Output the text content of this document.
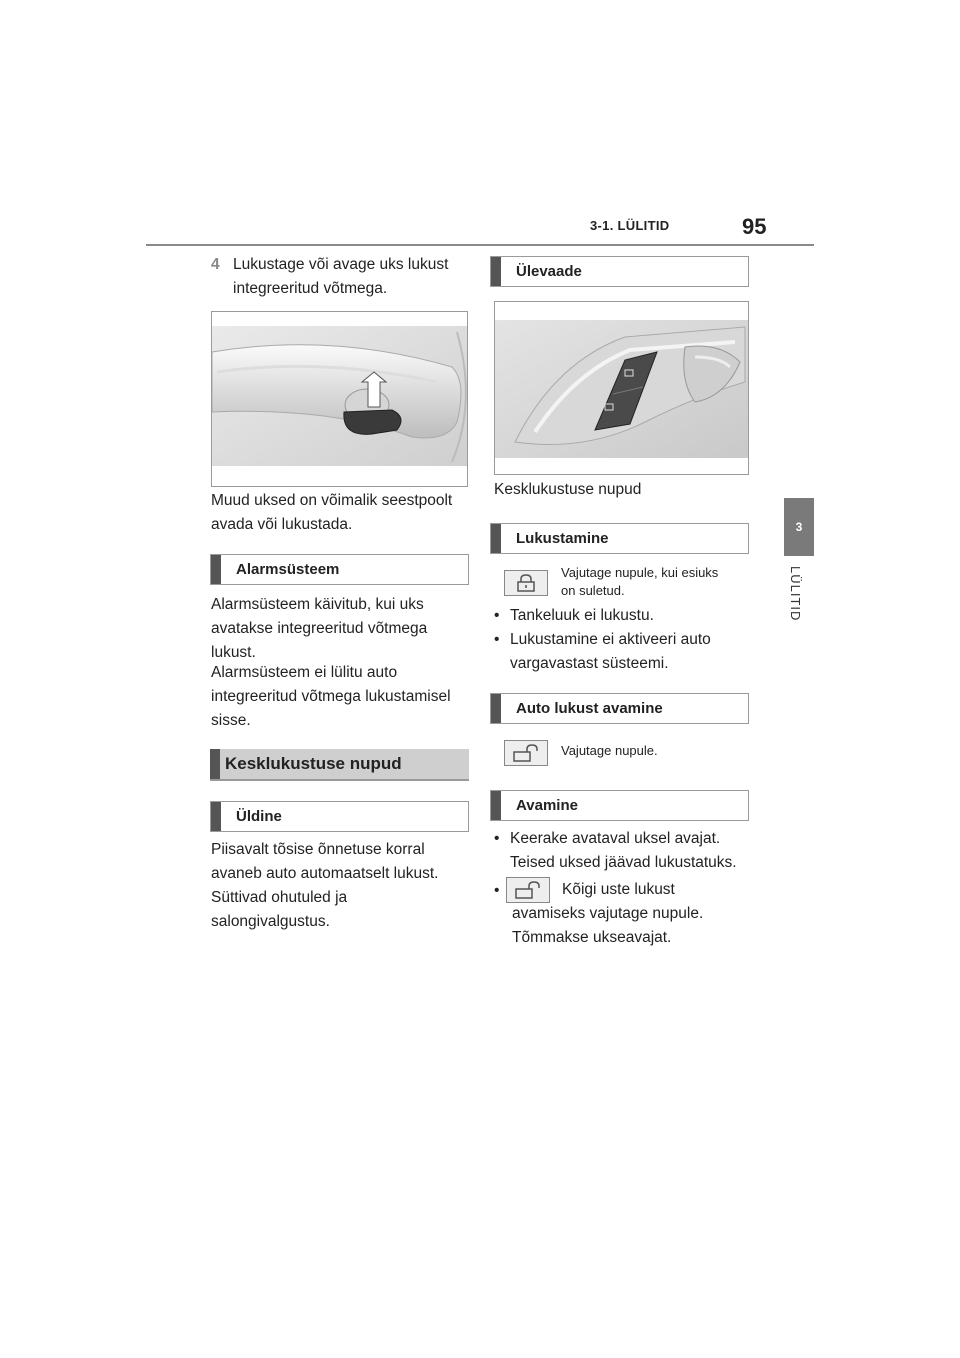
3-1. LÜLITID	95
3
LÜLITID
4 Lukustage või avage uks lukust

integreeritud võtmega.
Muud uksed on võimalik seestpoolt
avada või lukustada.
Alarmsüsteem
Alarmsüsteem käivitub, kui uks
avatakse integreeritud võtmega
lukust.
Alarmsüsteem ei lülitu auto
integreeritud võtmega lukustamisel
sisse.
Kesklukustuse nupud
Üldine
Piisavalt tõsise õnnetuse korral
avaneb auto automaatselt lukust.
Süttivad ohutuled ja
salongivalgustus.
Ülevaade
Kesklukustuse nupud
Lukustamine
Vajutage nupule, kui esiuks
on suletud.
• Tankeluuk ei lukustu.
• Lukustamine ei aktiveeri auto
vargavastast süsteemi.
Auto lukust avamine
Vajutage nupule.
Avamine
• Keerake avataval uksel avajat.
Teised uksed jäävad lukustatuks.
•	Kõigi uste lukust
avamiseks vajutage nupule.
Tõmmakse ukseavajat.
